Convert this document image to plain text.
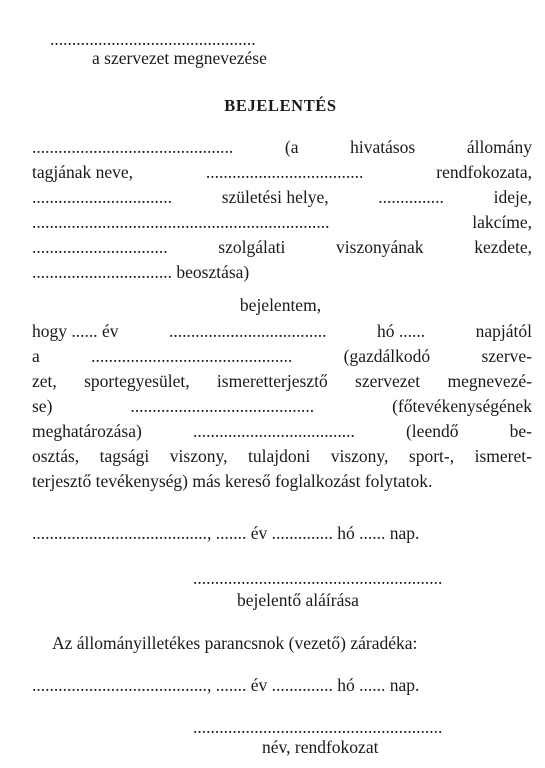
...............................................
a szervezet megnevezése
BEJELENTÉS
..............................................	(a	hivatásos	állomány
tagjának neve,	....................................	rendfokozata,
................................	születési helye,	...............	ideje,
....................................................................	lakcíme,
...............................	szolgálati	viszonyának	kezdete,
................................ beosztása)
bejelentem,
hogy ...... év	....................................	hó ......	napjától
a	..............................................	(gazdálkodó	szerve-
zet, sportegyesület, ismeretterjesztő szervezet megnevezé-
se)	..........................................	(főtevékenységének
meghatározása)	.....................................	(leendő	be-
osztás, tagsági viszony, tulajdoni viszony, sport-, ismeret-
terjesztő tevékenység) más kereső foglalkozást folytatok.
........................................, ....... év .............. hó ...... nap.
.........................................................
bejelentő aláírása
Az állományilletékes parancsnok (vezető) záradéka:
........................................, ....... év .............. hó ...... nap.
.........................................................
név, rendfokozat
